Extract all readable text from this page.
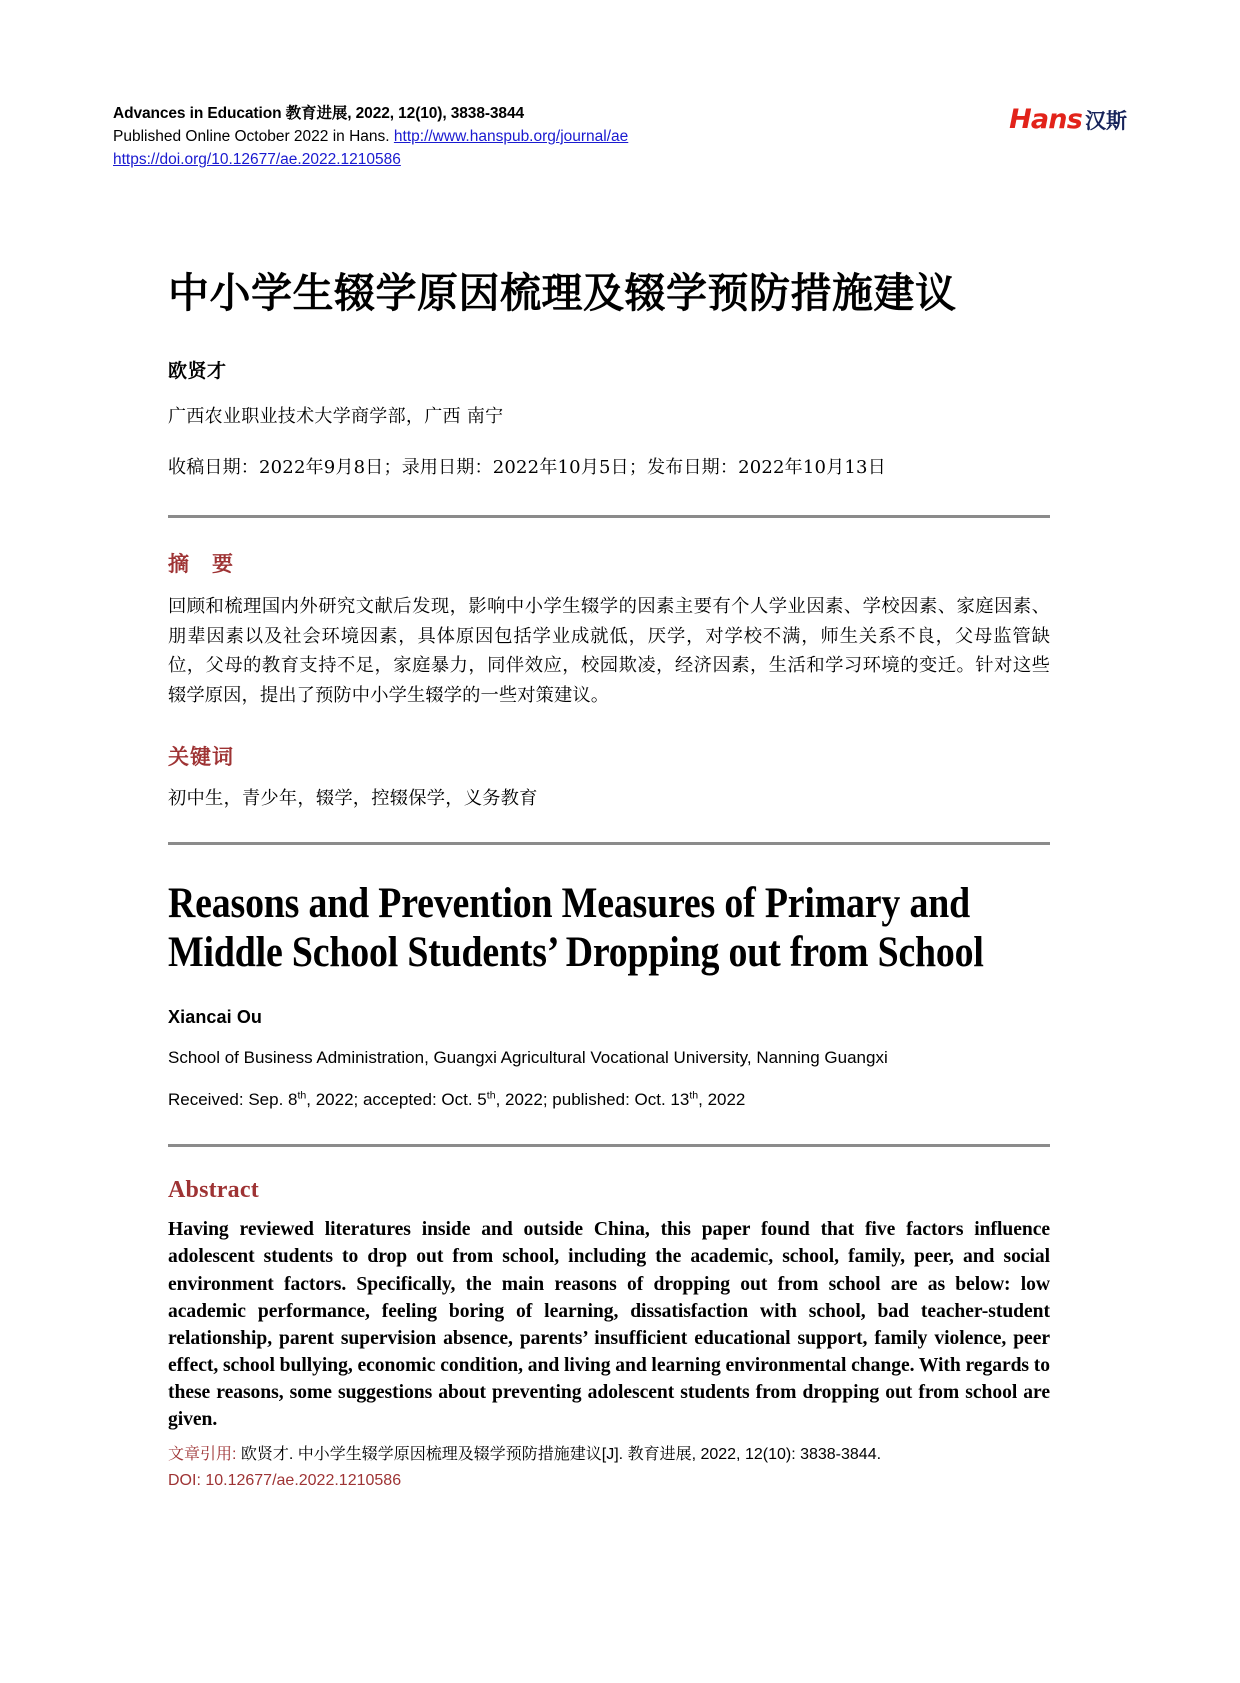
Advances in Education 教育进展, 2022, 12(10), 3838-3844
Published Online October 2022 in Hans. http://www.hanspub.org/journal/ae
https://doi.org/10.12677/ae.2022.1210586
Hans 汉斯
中小学生辍学原因梳理及辍学预防措施建议
欧贤才
广西农业职业技术大学商学部，广西 南宁
收稿日期：2022年9月8日；录用日期：2022年10月5日；发布日期：2022年10月13日
摘　要
回顾和梳理国内外研究文献后发现，影响中小学生辍学的因素主要有个人学业因素、学校因素、家庭因素、朋辈因素以及社会环境因素，具体原因包括学业成就低，厌学，对学校不满，师生关系不良，父母监管缺位，父母的教育支持不足，家庭暴力，同伴效应，校园欺凌，经济因素，生活和学习环境的变迁。针对这些辍学原因，提出了预防中小学生辍学的一些对策建议。
关键词
初中生，青少年，辍学，控辍保学，义务教育
Reasons and Prevention Measures of Primary and Middle School Students’ Dropping out from School
Xiancai Ou
School of Business Administration, Guangxi Agricultural Vocational University, Nanning Guangxi
Received: Sep. 8th, 2022; accepted: Oct. 5th, 2022; published: Oct. 13th, 2022
Abstract
Having reviewed literatures inside and outside China, this paper found that five factors influence adolescent students to drop out from school, including the academic, school, family, peer, and social environment factors. Specifically, the main reasons of dropping out from school are as below: low academic performance, feeling boring of learning, dissatisfaction with school, bad teacher-student relationship, parent supervision absence, parents’ insufficient educational support, family violence, peer effect, school bullying, economic condition, and living and learning environmental change. With regards to these reasons, some suggestions about preventing adolescent students from dropping out from school are given.
文章引用: 欧贤才. 中小学生辍学原因梳理及辍学预防措施建议[J]. 教育进展, 2022, 12(10): 3838-3844.
DOI: 10.12677/ae.2022.1210586
